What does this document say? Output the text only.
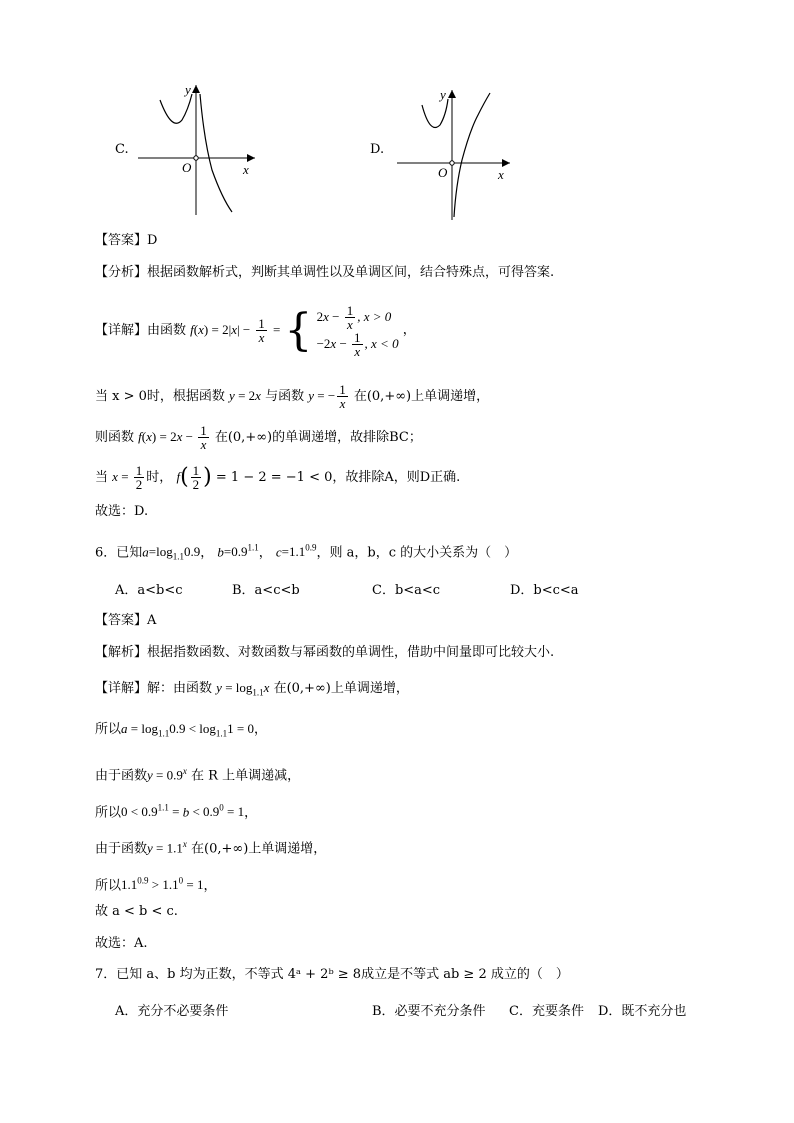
C.
y
x
O
D.
y
x
O
【答案】D
【分析】根据函数解析式，判断其单调性以及单调区间，结合特殊点，可得答案.
【详解】由函数 $f(x) = 2|x| - \frac{1}{x}$ = { $2x - \frac{1}{x}$ , x > 0
$-2x - \frac{1}{x}$ , x < 0
，
当 x > 0时，根据函数 y = 2x 与函数 y = − $\frac{1}{x}$ 在(0,+∞)上单调递增，
则函数 $f(x) = 2x - \frac{1}{x}$ 在(0,+∞)的单调递增，故排除BC；
当 $x = \frac{1}{2}$ 时， $f( \frac{1}{2}$ ) = 1 − 2 = −1 < 0，故排除A，则D正确.
故选：D.
6．已知$a=\log_{1.1}0.9$， $b=0.9^{1.1}$， $c=1.1^{0.9}$，则 a，b，c 的大小关系为（　）
A．a<b<c	B．a<c<b	C．b<a<c	D．b<c<a
【答案】A
【解析】根据指数函数、对数函数与幂函数的单调性，借助中间量即可比较大小.
【详解】解：由函数 $y = \log_{1.1}x$ 在(0,+∞)上单调递增，
所以$a = \log_{1.1}0.9 < \log_{1.1}1 = 0$，
由于函数$y = 0.9^x$ 在 R 上单调递减，
所以$0 < 0.9^{1.1} = b < 0.9^0 = 1$，
由于函数$y = 1.1^x$ 在(0,+∞)上单调递增，
所以$1.1^{0.9} > 1.1^0 = 1$，
故 a < b < c.
故选：A.
7．已知 a、b 均为正数，不等式 4ᵃ + 2ᵇ ≥ 8成立是不等式 ab ≥ 2 成立的（　）
A．充分不必要条件	B．必要不充分条件 C．充要条件 D．既不充分也
